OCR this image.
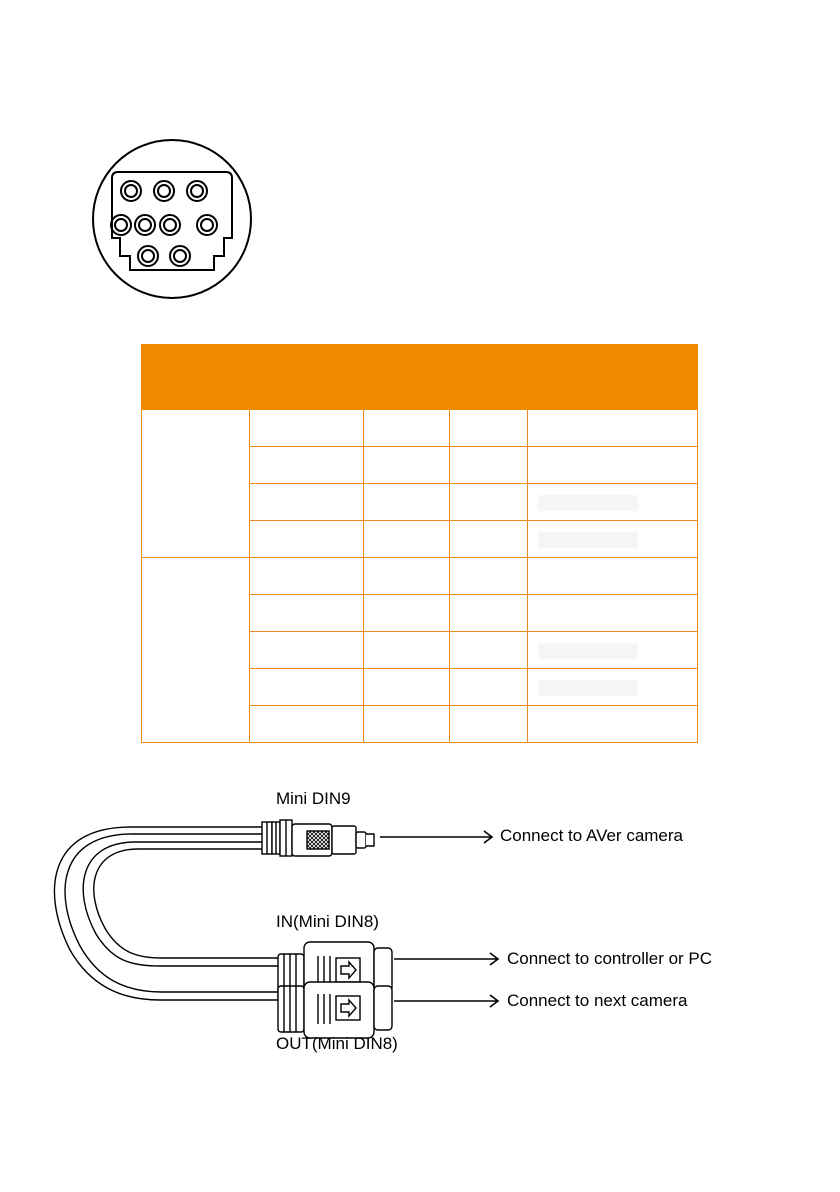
Mini DIN9
Connect to AVer camera
IN(Mini DIN8)
Connect to controller or PC
Connect to next camera
OUT(Mini DIN8)
